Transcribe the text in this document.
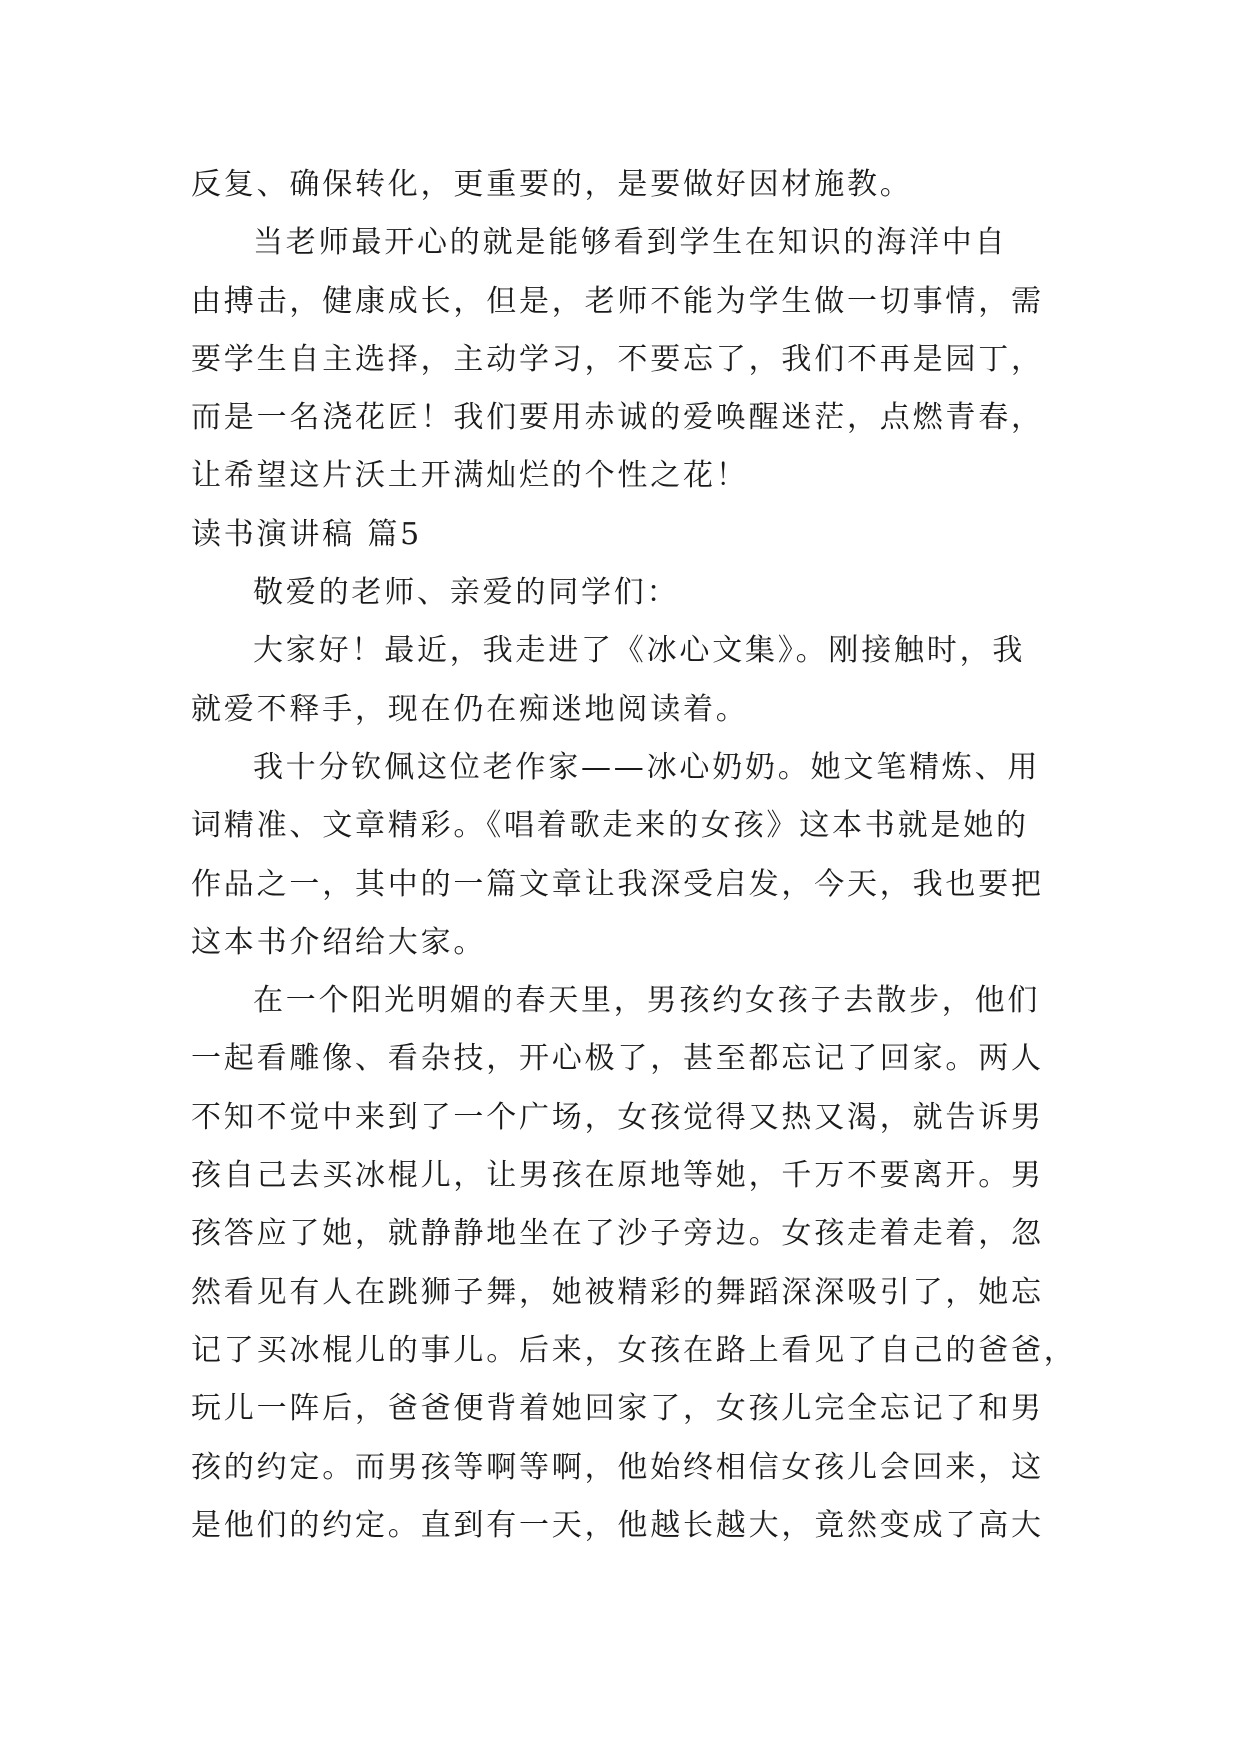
反复、确保转化，更重要的，是要做好因材施教。
当老师最开心的就是能够看到学生在知识的海洋中自
由搏击，健康成长，但是，老师不能为学生做一切事情，需
要学生自主选择，主动学习，不要忘了，我们不再是园丁，
而是一名浇花匠！我们要用赤诚的爱唤醒迷茫，点燃青春，
让希望这片沃土开满灿烂的个性之花！
读书演讲稿 篇5
敬爱的老师、亲爱的同学们：
大家好！最近，我走进了《冰心文集》。刚接触时，我
就爱不释手，现在仍在痴迷地阅读着。
我十分钦佩这位老作家——冰心奶奶。她文笔精炼、用
词精准、文章精彩。《唱着歌走来的女孩》这本书就是她的
作品之一，其中的一篇文章让我深受启发，今天，我也要把
这本书介绍给大家。
在一个阳光明媚的春天里，男孩约女孩子去散步，他们
一起看雕像、看杂技，开心极了，甚至都忘记了回家。两人
不知不觉中来到了一个广场，女孩觉得又热又渴，就告诉男
孩自己去买冰棍儿，让男孩在原地等她，千万不要离开。男
孩答应了她，就静静地坐在了沙子旁边。女孩走着走着，忽
然看见有人在跳狮子舞，她被精彩的舞蹈深深吸引了，她忘
记了买冰棍儿的事儿。后来，女孩在路上看见了自己的爸爸，
玩儿一阵后，爸爸便背着她回家了，女孩儿完全忘记了和男
孩的约定。而男孩等啊等啊，他始终相信女孩儿会回来，这
是他们的约定。直到有一天，他越长越大，竟然变成了高大
